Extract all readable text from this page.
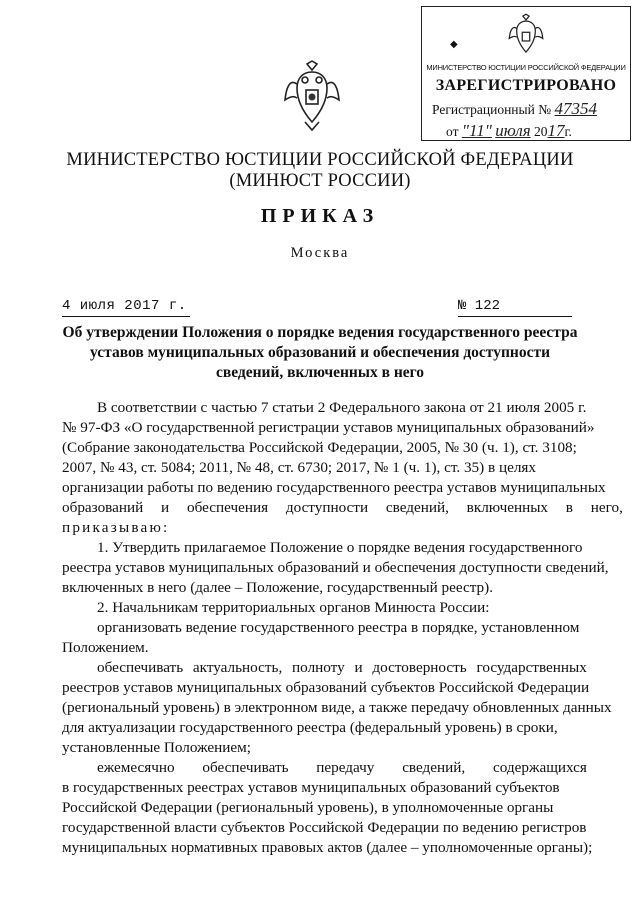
◆
МИНИСТЕРСТВО ЮСТИЦИИ РОССИЙСКОЙ ФЕДЕРАЦИИ
ЗАРЕГИСТРИРОВАНО
Регистрационный № 47354
от "11" июля 2017г.
МИНИСТЕРСТВО ЮСТИЦИИ РОССИЙСКОЙ ФЕДЕРАЦИИ
(МИНЮСТ РОССИИ)
ПРИКАЗ
Москва
4 июля 2017 г.	№ 122
Об утверждении Положения о порядке ведения государственного реестра
уставов муниципальных образований и обеспечения доступности
сведений, включенных в него
В соответствии с частью 7 статьи 2 Федерального закона от 21 июля 2005 г.
№ 97-ФЗ «О государственной регистрации уставов муниципальных образований»
(Собрание законодательства Российской Федерации, 2005, № 30 (ч. 1), ст. 3108;
2007, № 43, ст. 5084; 2011, № 48, ст. 6730; 2017, № 1 (ч. 1), ст. 35) в целях
организации работы по ведению государственного реестра уставов муниципальных
образований и обеспечения доступности сведений, включенных в него,
приказываю:
1. Утвердить прилагаемое Положение о порядке ведения государственного
реестра уставов муниципальных образований и обеспечения доступности сведений,
включенных в него (далее – Положение, государственный реестр).
2. Начальникам территориальных органов Минюста России:
организовать ведение государственного реестра в порядке, установленном
Положением.
обеспечивать актуальность, полноту и достоверность государственных
реестров уставов муниципальных образований субъектов Российской Федерации
(региональный уровень) в электронном виде, а также передачу обновленных данных
для актуализации государственного реестра (федеральный уровень) в сроки,
установленные Положением;
ежемесячно обеспечивать передачу сведений, содержащихся
в государственных реестрах уставов муниципальных образований субъектов
Российской Федерации (региональный уровень), в уполномоченные органы
государственной власти субъектов Российской Федерации по ведению регистров
муниципальных нормативных правовых актов (далее – уполномоченные органы);
